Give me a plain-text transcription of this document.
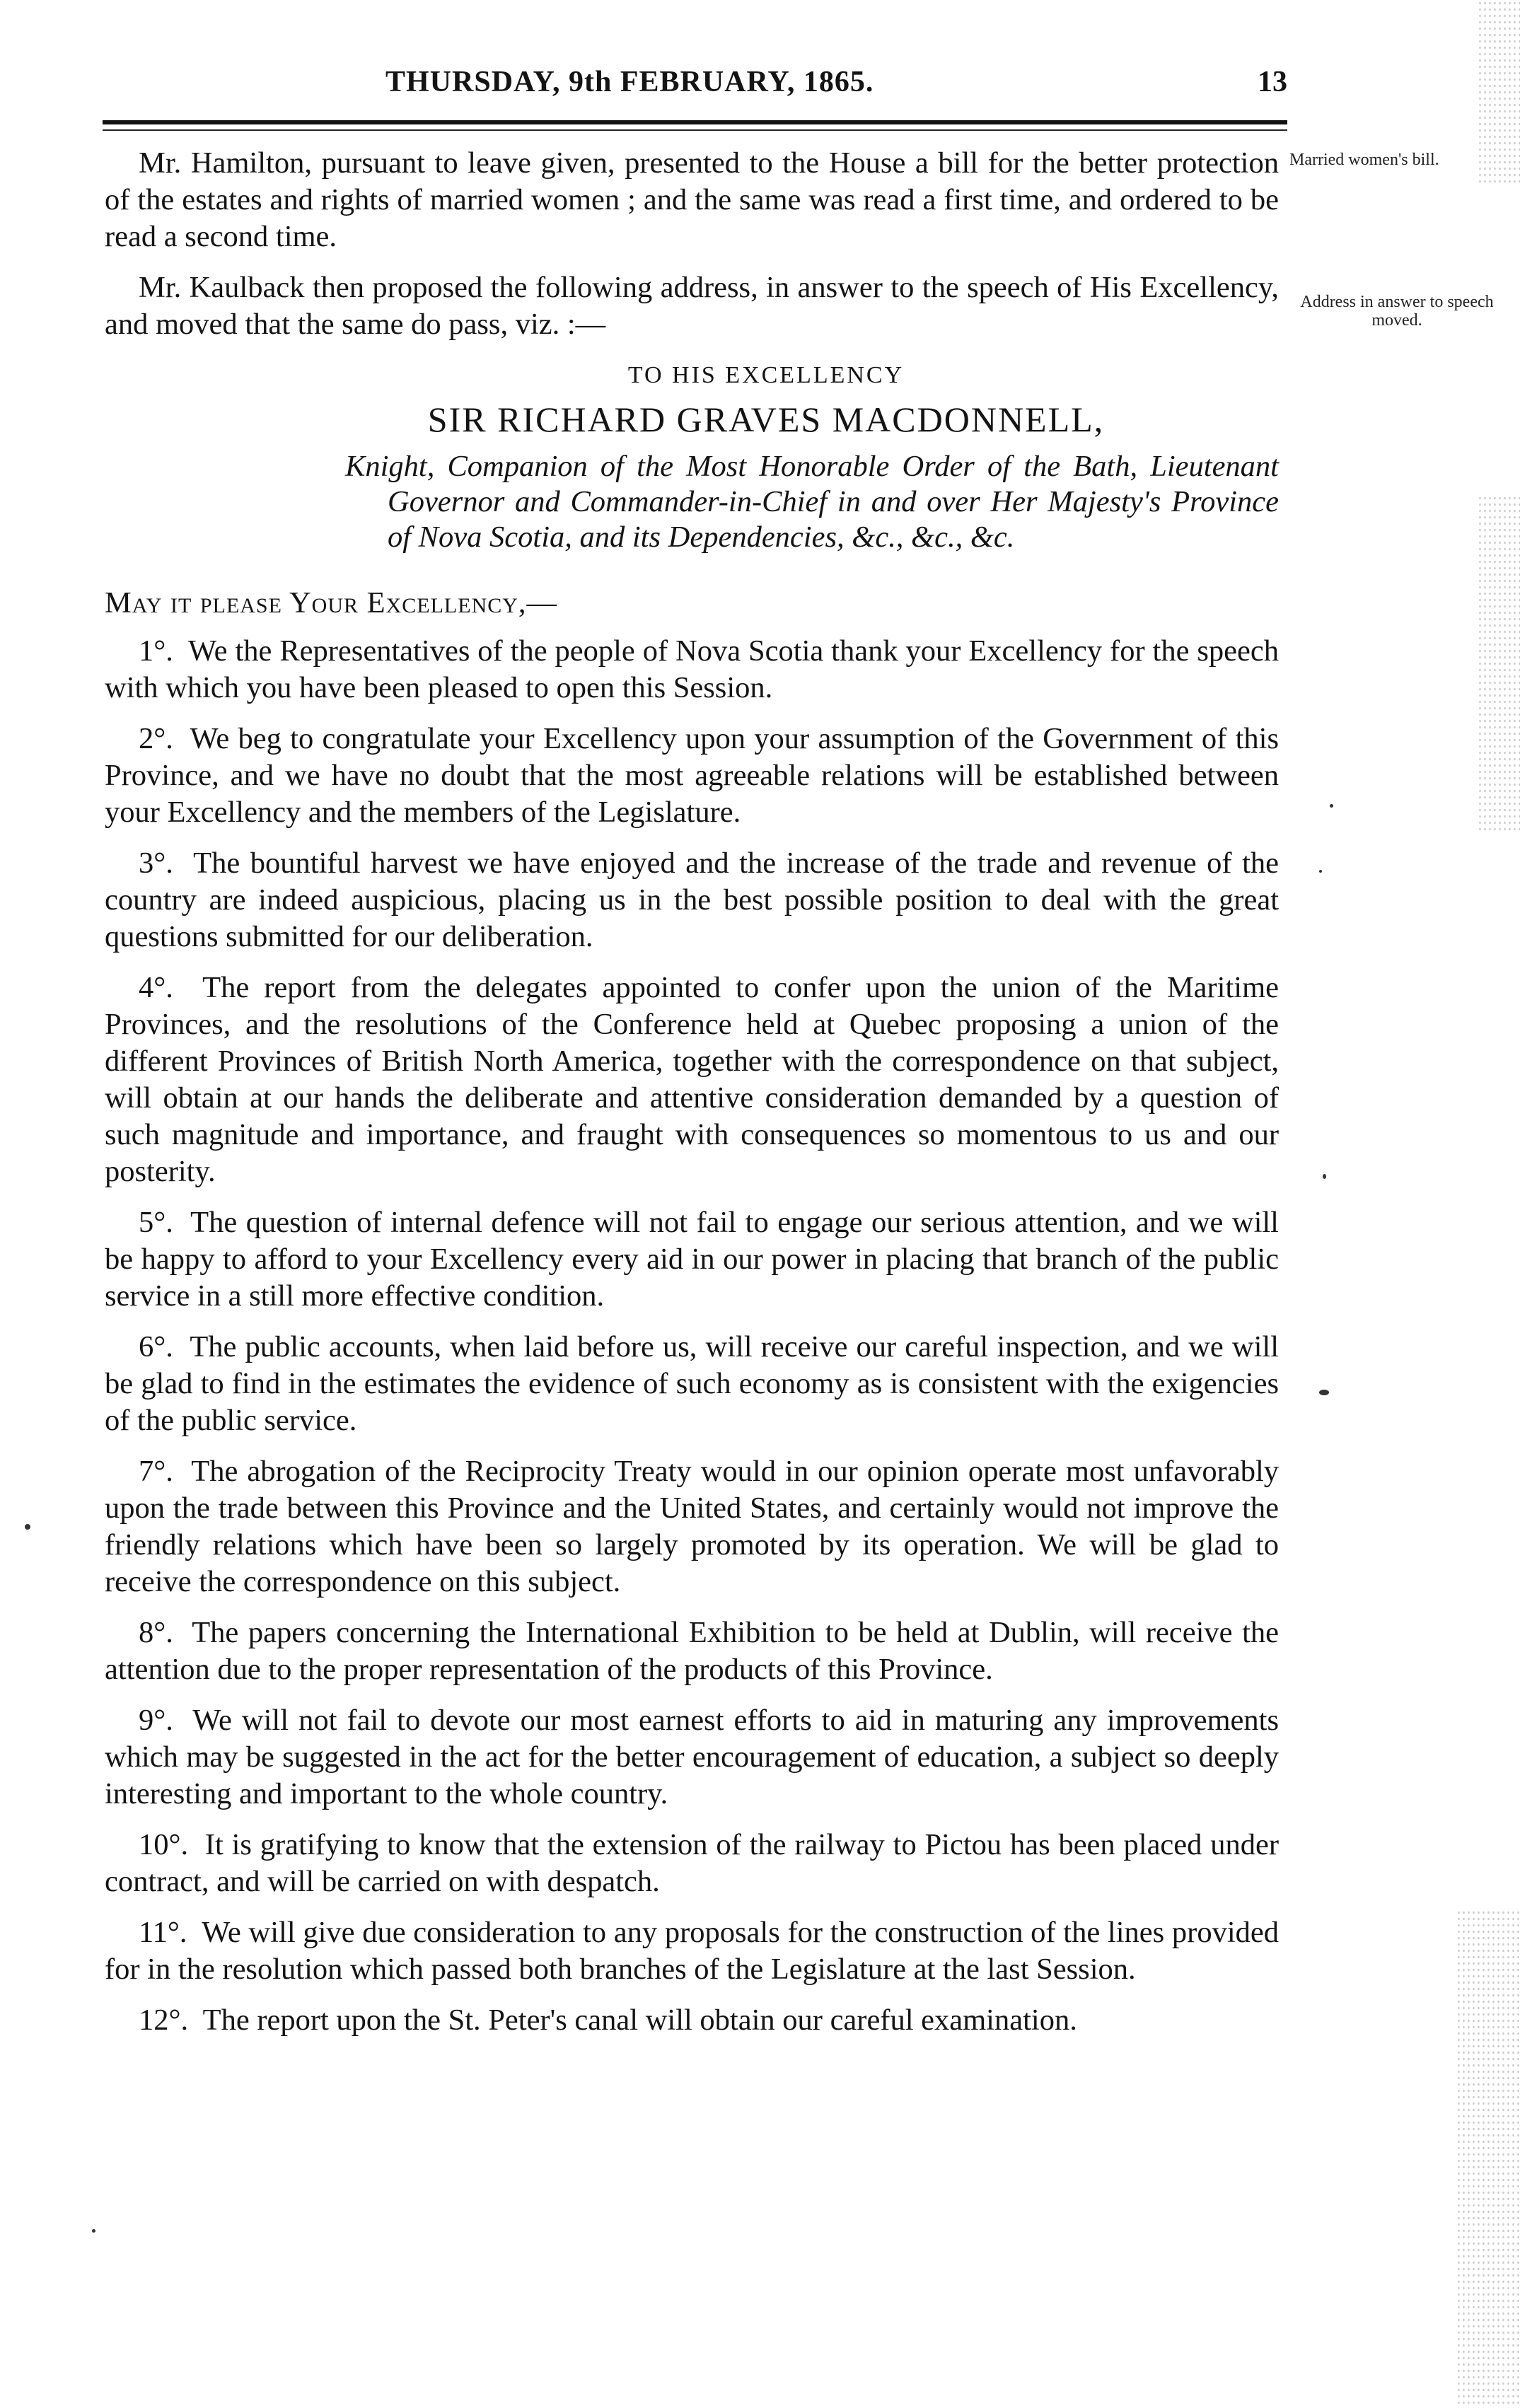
THURSDAY, 9th FEBRUARY, 1865.	13
Married women's bill.
Address in answer to speech moved.

Mr. Hamilton, pursuant to leave given, presented to the House a bill for the better protection of the estates and rights of married women ; and the same was read a first time, and ordered to be read a second time.

Mr. Kaulback then proposed the following address, in answer to the speech of His Excellency, and moved that the same do pass, viz. :—

TO HIS EXCELLENCY
SIR RICHARD GRAVES MACDONNELL,
Knight, Companion of the Most Honorable Order of the Bath, Lieutenant Governor and Commander-in-Chief in and over Her Majesty's Province of Nova Scotia, and its Dependencies, &c., &c., &c.
May it please Your Excellency,—

1°. We the Representatives of the people of Nova Scotia thank your Excellency for the speech with which you have been pleased to open this Session.

2°. We beg to congratulate your Excellency upon your assumption of the Government of this Province, and we have no doubt that the most agreeable relations will be established between your Excellency and the members of the Legislature.

3°. The bountiful harvest we have enjoyed and the increase of the trade and revenue of the country are indeed auspicious, placing us in the best possible position to deal with the great questions submitted for our deliberation.

4°. The report from the delegates appointed to confer upon the union of the Maritime Provinces, and the resolutions of the Conference held at Quebec proposing a union of the different Provinces of British North America, together with the correspondence on that subject, will obtain at our hands the deliberate and attentive consideration demanded by a question of such magnitude and importance, and fraught with consequences so momentous to us and our posterity.

5°. The question of internal defence will not fail to engage our serious attention, and we will be happy to afford to your Excellency every aid in our power in placing that branch of the public service in a still more effective condition.

6°. The public accounts, when laid before us, will receive our careful inspection, and we will be glad to find in the estimates the evidence of such economy as is consistent with the exigencies of the public service.

7°. The abrogation of the Reciprocity Treaty would in our opinion operate most unfavorably upon the trade between this Province and the United States, and certainly would not improve the friendly relations which have been so largely promoted by its operation. We will be glad to receive the correspondence on this subject.

8°. The papers concerning the International Exhibition to be held at Dublin, will receive the attention due to the proper representation of the products of this Province.

9°. We will not fail to devote our most earnest efforts to aid in maturing any improvements which may be suggested in the act for the better encouragement of education, a subject so deeply interesting and important to the whole country.

10°. It is gratifying to know that the extension of the railway to Pictou has been placed under contract, and will be carried on with despatch.

11°. We will give due consideration to any proposals for the construction of the lines provided for in the resolution which passed both branches of the Legislature at the last Session.

12°. The report upon the St. Peter's canal will obtain our careful examination.
